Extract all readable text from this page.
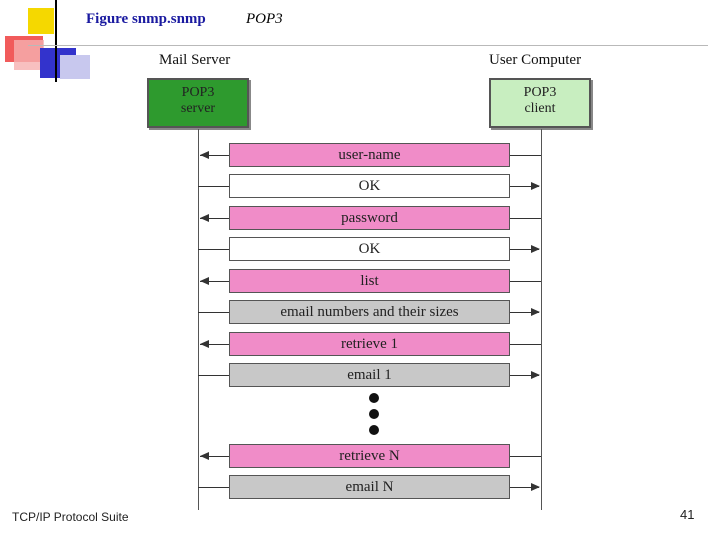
Figure snmp.snmp	POP3
Mail Server	User Computer
POP3
server
POP3
client
user-name
OK
password
OK
list
email numbers and their sizes
retrieve 1
email 1
retrieve N
email N
TCP/IP Protocol Suite	41
